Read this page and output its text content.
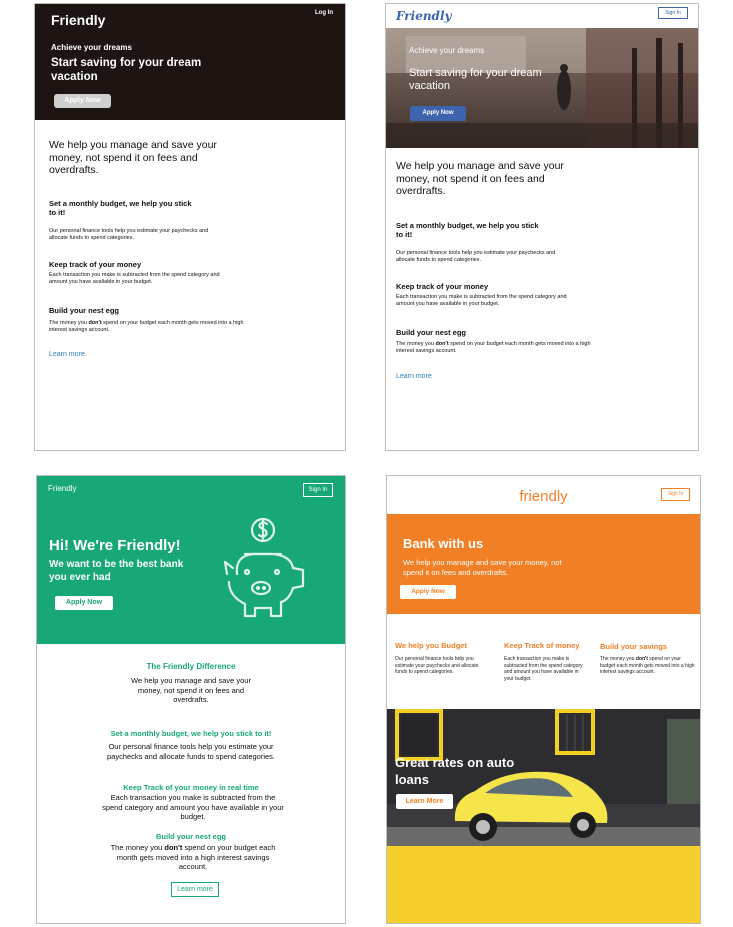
Friendly	Log In
Achieve your dreams
Start saving for your dream vacation
Apply Now
We help you manage and save your money, not spend it on fees and overdrafts.
Set a monthly budget, we help you stick to it!
Our personal finance tools help you estimate your paychecks and allocate funds to spend categories.
Keep track of your money
Each transaction you make is subtracted from the spend category and amount you have available in your budget.
Build your nest egg
The money you don't spend on your budget each month gets moved into a high interest savings account.
Learn more
Friendly	Sign In
Achieve your dreams
Start saving for your dream vacation
Apply Now
We help you manage and save your money, not spend it on fees and overdrafts.
Set a monthly budget, we help you stick to it!
Our personal finance tools help you estimate your paychecks and allocate funds to spend categories.
Keep track of your money
Each transaction you make is subtracted from the spend category and amount you have available in your budget.
Build your nest egg
The money you don't spend on your budget each month gets moved into a high interest savings account.
Learn more
Friendly	Sign In
Hi! We're Friendly!
We want to be the best bank you ever had
Apply Now
The Friendly Difference
We help you manage and save your money, not spend it on fees and overdrafts.
Set a monthly budget, we help you stick to it!
Our personal finance tools help you estimate your paychecks and allocate funds to spend categories.
Keep Track of your money in real time
Each transaction you make is subtracted from the spend category and amount you have available in your budget.
Build your nest egg
The money you don't spend on your budget each month gets moved into a high interest savings account.
Learn more
friendly	Sign In
Bank with us
We help you manage and save your money, not spend it on fees and overdrafts.
Apply Now
We help you Budget
Our personal finance tools help you estimate your paychecks and allocate funds to spend categories.
Keep Track of money
Each transaction you make is subtracted from the spend category and amount you have available in your budget.
Build your savings
The money you don't spend on your budget each month gets moved into a high interest savings account.
Great rates on auto loans
Learn More
